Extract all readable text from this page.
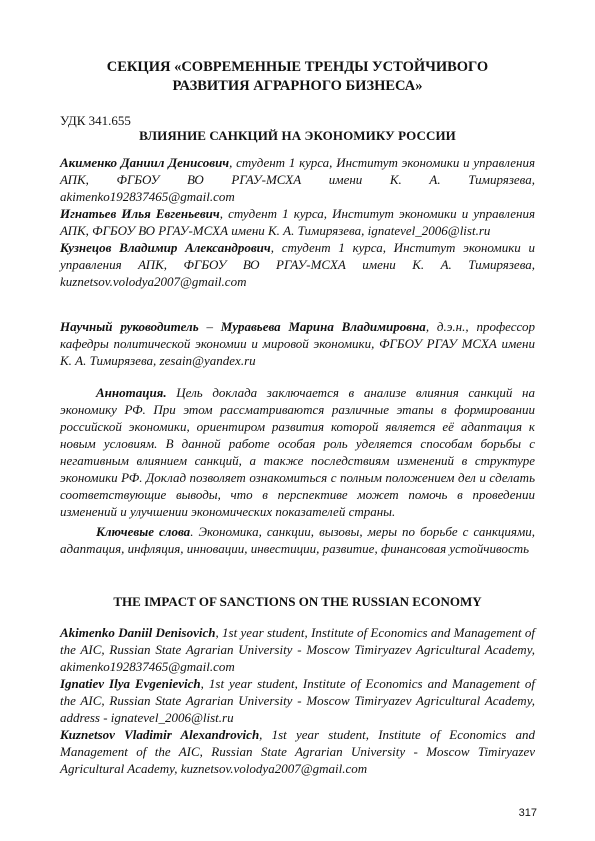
СЕКЦИЯ «СОВРЕМЕННЫЕ ТРЕНДЫ УСТОЙЧИВОГО
РАЗВИТИЯ АГРАРНОГО БИЗНЕСА»
УДК 341.655
ВЛИЯНИЕ САНКЦИЙ НА ЭКОНОМИКУ РОССИИ
Акименко Даниил Денисович, студент 1 курса, Институт экономики и управления АПК, ФГБОУ ВО РГАУ-МСХА имени К. А. Тимирязева, akimenko192837465@gmail.com
Игнатьев Илья Евгеньевич, студент 1 курса, Институт экономики и управления АПК, ФГБОУ ВО РГАУ-МСХА имени К. А. Тимирязева, ignatevel_2006@list.ru
Кузнецов Владимир Александрович, студент 1 курса, Институт экономики и управления АПК, ФГБОУ ВО РГАУ-МСХА имени К. А. Тимирязева, kuznetsov.volodya2007@gmail.com
Научный руководитель – Муравьева Марина Владимировна, д.э.н., профессор кафедры политической экономии и мировой экономики, ФГБОУ РГАУ МСХА имени К. А. Тимирязева, zesain@yandex.ru
Аннотация. Цель доклада заключается в анализе влияния санкций на экономику РФ. При этом рассматриваются различные этапы в формировании российской экономики, ориентиром развития которой является её адаптация к новым условиям. В данной работе особая роль уделяется способам борьбы с негативным влиянием санкций, а также последствиям изменений в структуре экономики РФ. Доклад позволяет ознакомиться с полным положением дел и сделать соответствующие выводы, что в перспективе может помочь в проведении изменений и улучшении экономических показателей страны.
Ключевые слова. Экономика, санкции, вызовы, меры по борьбе с санкциями, адаптация, инфляция, инновации, инвестиции, развитие, финансовая устойчивость
THE IMPACT OF SANCTIONS ON THE RUSSIAN ECONOMY
Akimenko Daniil Denisovich, 1st year student, Institute of Economics and Management of the AIC, Russian State Agrarian University - Moscow Timiryazev Agricultural Academy, akimenko192837465@gmail.com
Ignatiev Ilya Evgenievich, 1st year student, Institute of Economics and Management of the AIC, Russian State Agrarian University - Moscow Timiryazev Agricultural Academy, address - ignatevel_2006@list.ru
Kuznetsov Vladimir Alexandrovich, 1st year student, Institute of Economics and Management of the AIC, Russian State Agrarian University - Moscow Timiryazev Agricultural Academy, kuznetsov.volodya2007@gmail.com
317
